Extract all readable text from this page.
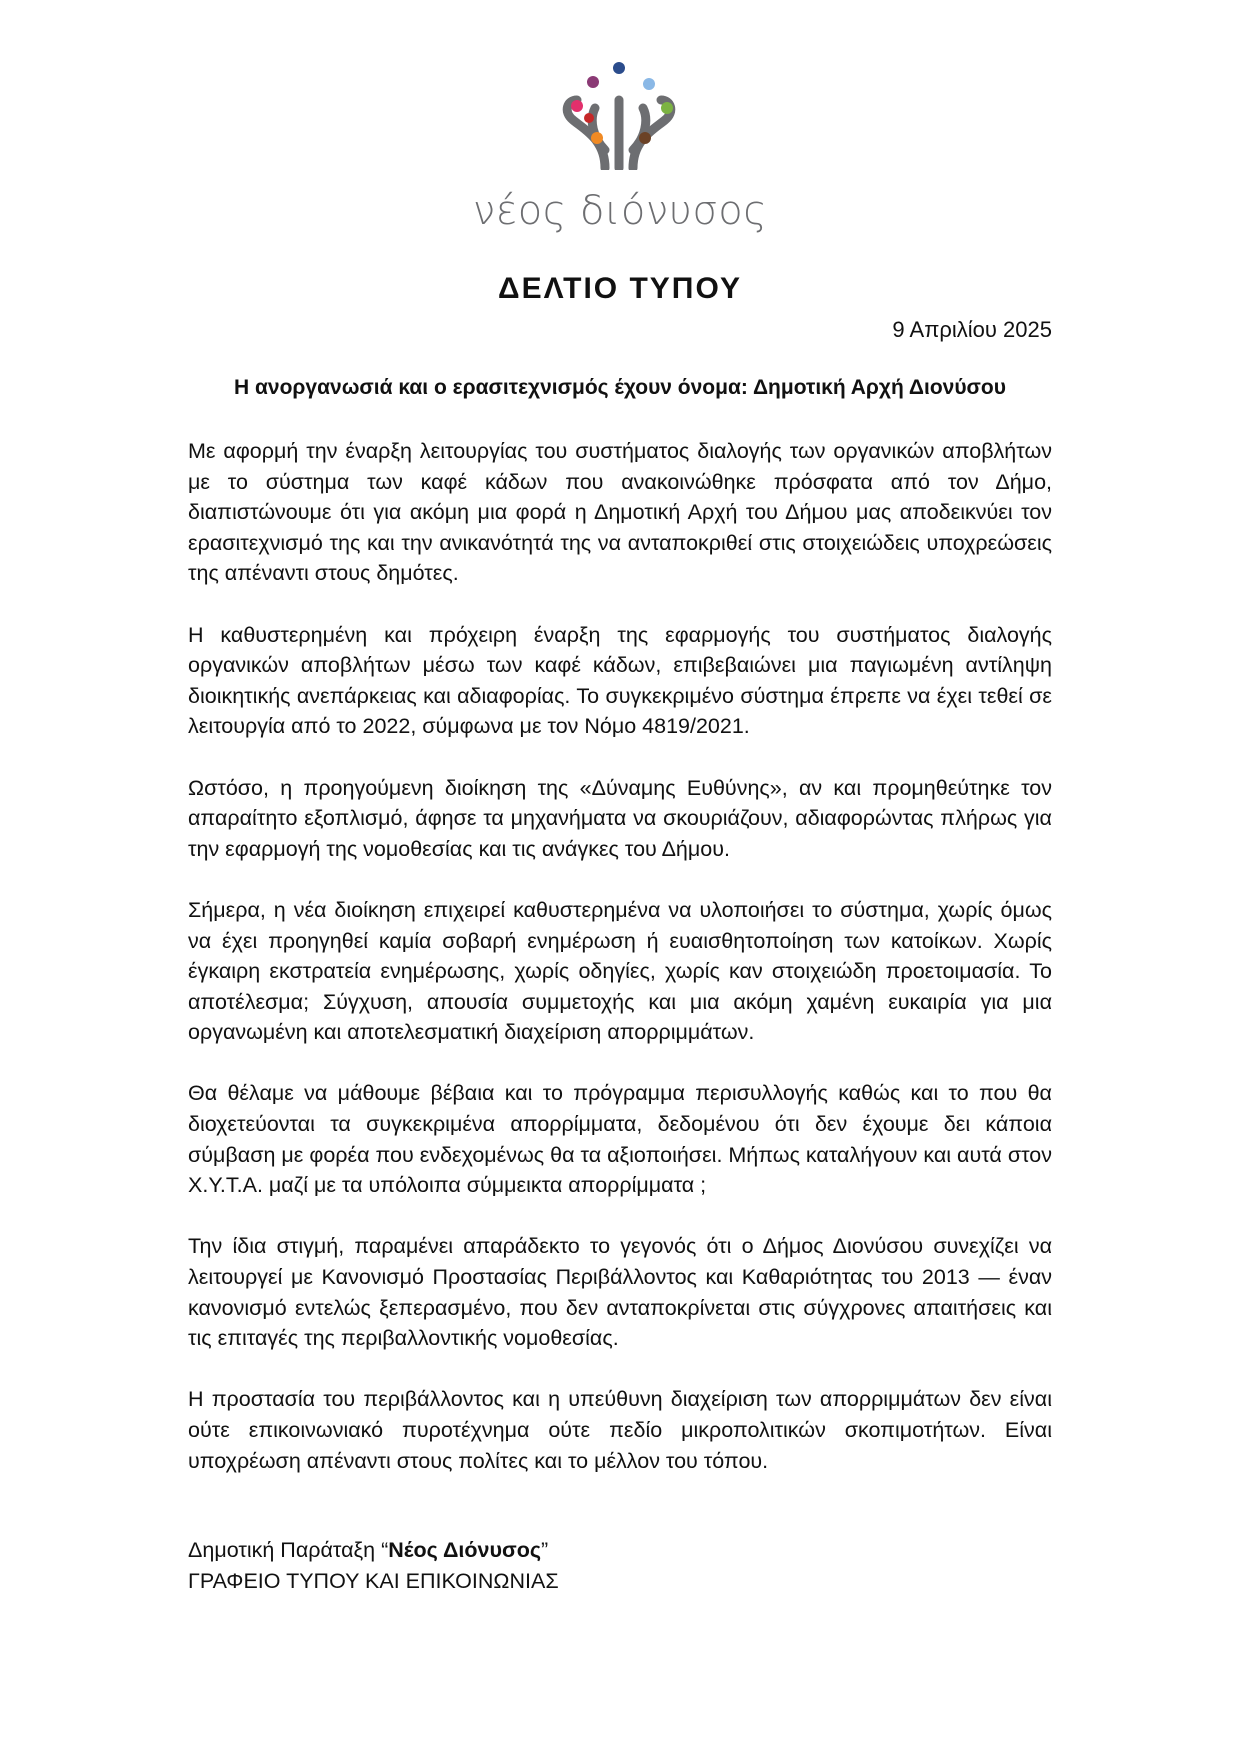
νέος διόνυσος
ΔΕΛΤΙΟ ΤΥΠΟΥ
9 Απριλίου 2025
Η ανοργανωσιά και ο ερασιτεχνισμός έχουν όνομα: Δημοτική Αρχή Διονύσου

Με αφορμή την έναρξη λειτουργίας του συστήματος διαλογής των οργανικών αποβλήτων με το σύστημα των καφέ κάδων που ανακοινώθηκε πρόσφατα από τον Δήμο, διαπιστώνουμε ότι για ακόμη μια φορά η Δημοτική Αρχή του Δήμου μας αποδεικνύει τον ερασιτεχνισμό της και την ανικανότητά της να ανταποκριθεί στις στοιχειώδεις υποχρεώσεις της απέναντι στους δημότες.

Η καθυστερημένη και πρόχειρη έναρξη της εφαρμογής του συστήματος διαλογής οργανικών αποβλήτων μέσω των καφέ κάδων, επιβεβαιώνει μια παγιωμένη αντίληψη διοικητικής ανεπάρκειας και αδιαφορίας. Το συγκεκριμένο σύστημα έπρεπε να έχει τεθεί σε λειτουργία από το 2022, σύμφωνα με τον Νόμο 4819/2021.

Ωστόσο, η προηγούμενη διοίκηση της «Δύναμης Ευθύνης», αν και προμηθεύτηκε τον απαραίτητο εξοπλισμό, άφησε τα μηχανήματα να σκουριάζουν, αδιαφορώντας πλήρως για την εφαρμογή της νομοθεσίας και τις ανάγκες του Δήμου.

Σήμερα, η νέα διοίκηση επιχειρεί καθυστερημένα να υλοποιήσει το σύστημα, χωρίς όμως να έχει προηγηθεί καμία σοβαρή ενημέρωση ή ευαισθητοποίηση των κατοίκων. Χωρίς έγκαιρη εκστρατεία ενημέρωσης, χωρίς οδηγίες, χωρίς καν στοιχειώδη προετοιμασία. Το αποτέλεσμα; Σύγχυση, απουσία συμμετοχής και μια ακόμη χαμένη ευκαιρία για μια οργανωμένη και αποτελεσματική διαχείριση απορριμμάτων.

Θα θέλαμε να μάθουμε βέβαια και το πρόγραμμα περισυλλογής καθώς και το που θα διοχετεύονται τα συγκεκριμένα απορρίμματα, δεδομένου ότι δεν έχουμε δει κάποια σύμβαση με φορέα που ενδεχομένως θα τα αξιοποιήσει. Μήπως καταλήγουν και αυτά στον Χ.Υ.Τ.Α. μαζί με τα υπόλοιπα σύμμεικτα απορρίμματα ;

Την ίδια στιγμή, παραμένει απαράδεκτο το γεγονός ότι ο Δήμος Διονύσου συνεχίζει να λειτουργεί με Κανονισμό Προστασίας Περιβάλλοντος και Καθαριότητας του 2013 — έναν κανονισμό εντελώς ξεπερασμένο, που δεν ανταποκρίνεται στις σύγχρονες απαιτήσεις και τις επιταγές της περιβαλλοντικής νομοθεσίας.

Η προστασία του περιβάλλοντος και η υπεύθυνη διαχείριση των απορριμμάτων δεν είναι ούτε επικοινωνιακό πυροτέχνημα ούτε πεδίο μικροπολιτικών σκοπιμοτήτων. Είναι υποχρέωση απέναντι στους πολίτες και το μέλλον του τόπου.

Δημοτική Παράταξη “Νέος Διόνυσος”
ΓΡΑΦΕΙΟ ΤΥΠΟΥ ΚΑΙ ΕΠΙΚΟΙΝΩΝΙΑΣ
